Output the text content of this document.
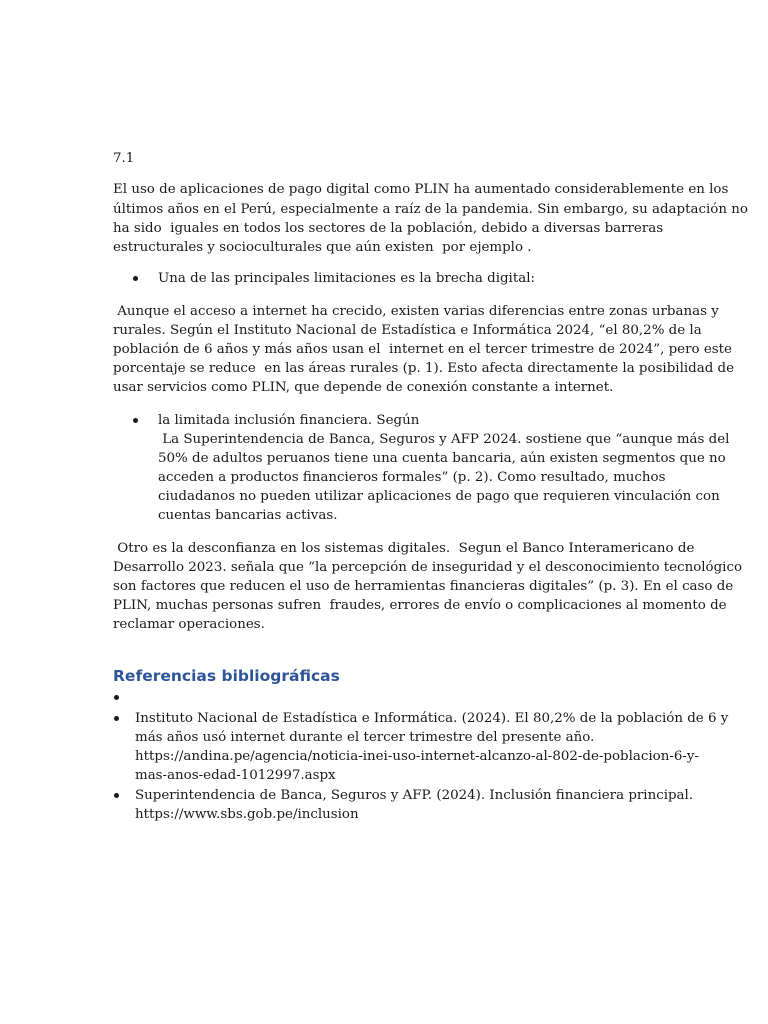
7.1
El uso de aplicaciones de pago digital como PLIN ha aumentado considerablemente en los
últimos años en el Perú, especialmente a raíz de la pandemia. Sin embargo, su adaptación no
ha sido  iguales en todos los sectores de la población, debido a diversas barreras
estructurales y socioculturales que aún existen  por ejemplo .
Una de las principales limitaciones es la brecha digital:
Aunque el acceso a internet ha crecido, existen varias diferencias entre zonas urbanas y
rurales. Según el Instituto Nacional de Estadística e Informática 2024, “el 80,2% de la
población de 6 años y más años usan el  internet en el tercer trimestre de 2024”, pero este
porcentaje se reduce  en las áreas rurales (p. 1). Esto afecta directamente la posibilidad de
usar servicios como PLIN, que depende de conexión constante a internet.
la limitada inclusión financiera. Según
La Superintendencia de Banca, Seguros y AFP 2024. sostiene que “aunque más del
50% de adultos peruanos tiene una cuenta bancaria, aún existen segmentos que no
acceden a productos financieros formales” (p. 2). Como resultado, muchos
ciudadanos no pueden utilizar aplicaciones de pago que requieren vinculación con
cuentas bancarias activas.
Otro es la desconfianza en los sistemas digitales.  Segun el Banco Interamericano de
Desarrollo 2023. señala que “la percepción de inseguridad y el desconocimiento tecnológico
son factores que reducen el uso de herramientas financieras digitales” (p. 3). En el caso de
PLIN, muchas personas sufren  fraudes, errores de envío o complicaciones al momento de
reclamar operaciones.
Referencias bibliográficas
Instituto Nacional de Estadística e Informática. (2024). El 80,2% de la población de 6 y
más años usó internet durante el tercer trimestre del presente año.
https://andina.pe/agencia/noticia-inei-uso-internet-alcanzo-al-802-de-poblacion-6-y-
mas-anos-edad-1012997.aspx
Superintendencia de Banca, Seguros y AFP. (2024). Inclusión financiera principal.
https://www.sbs.gob.pe/inclusion
